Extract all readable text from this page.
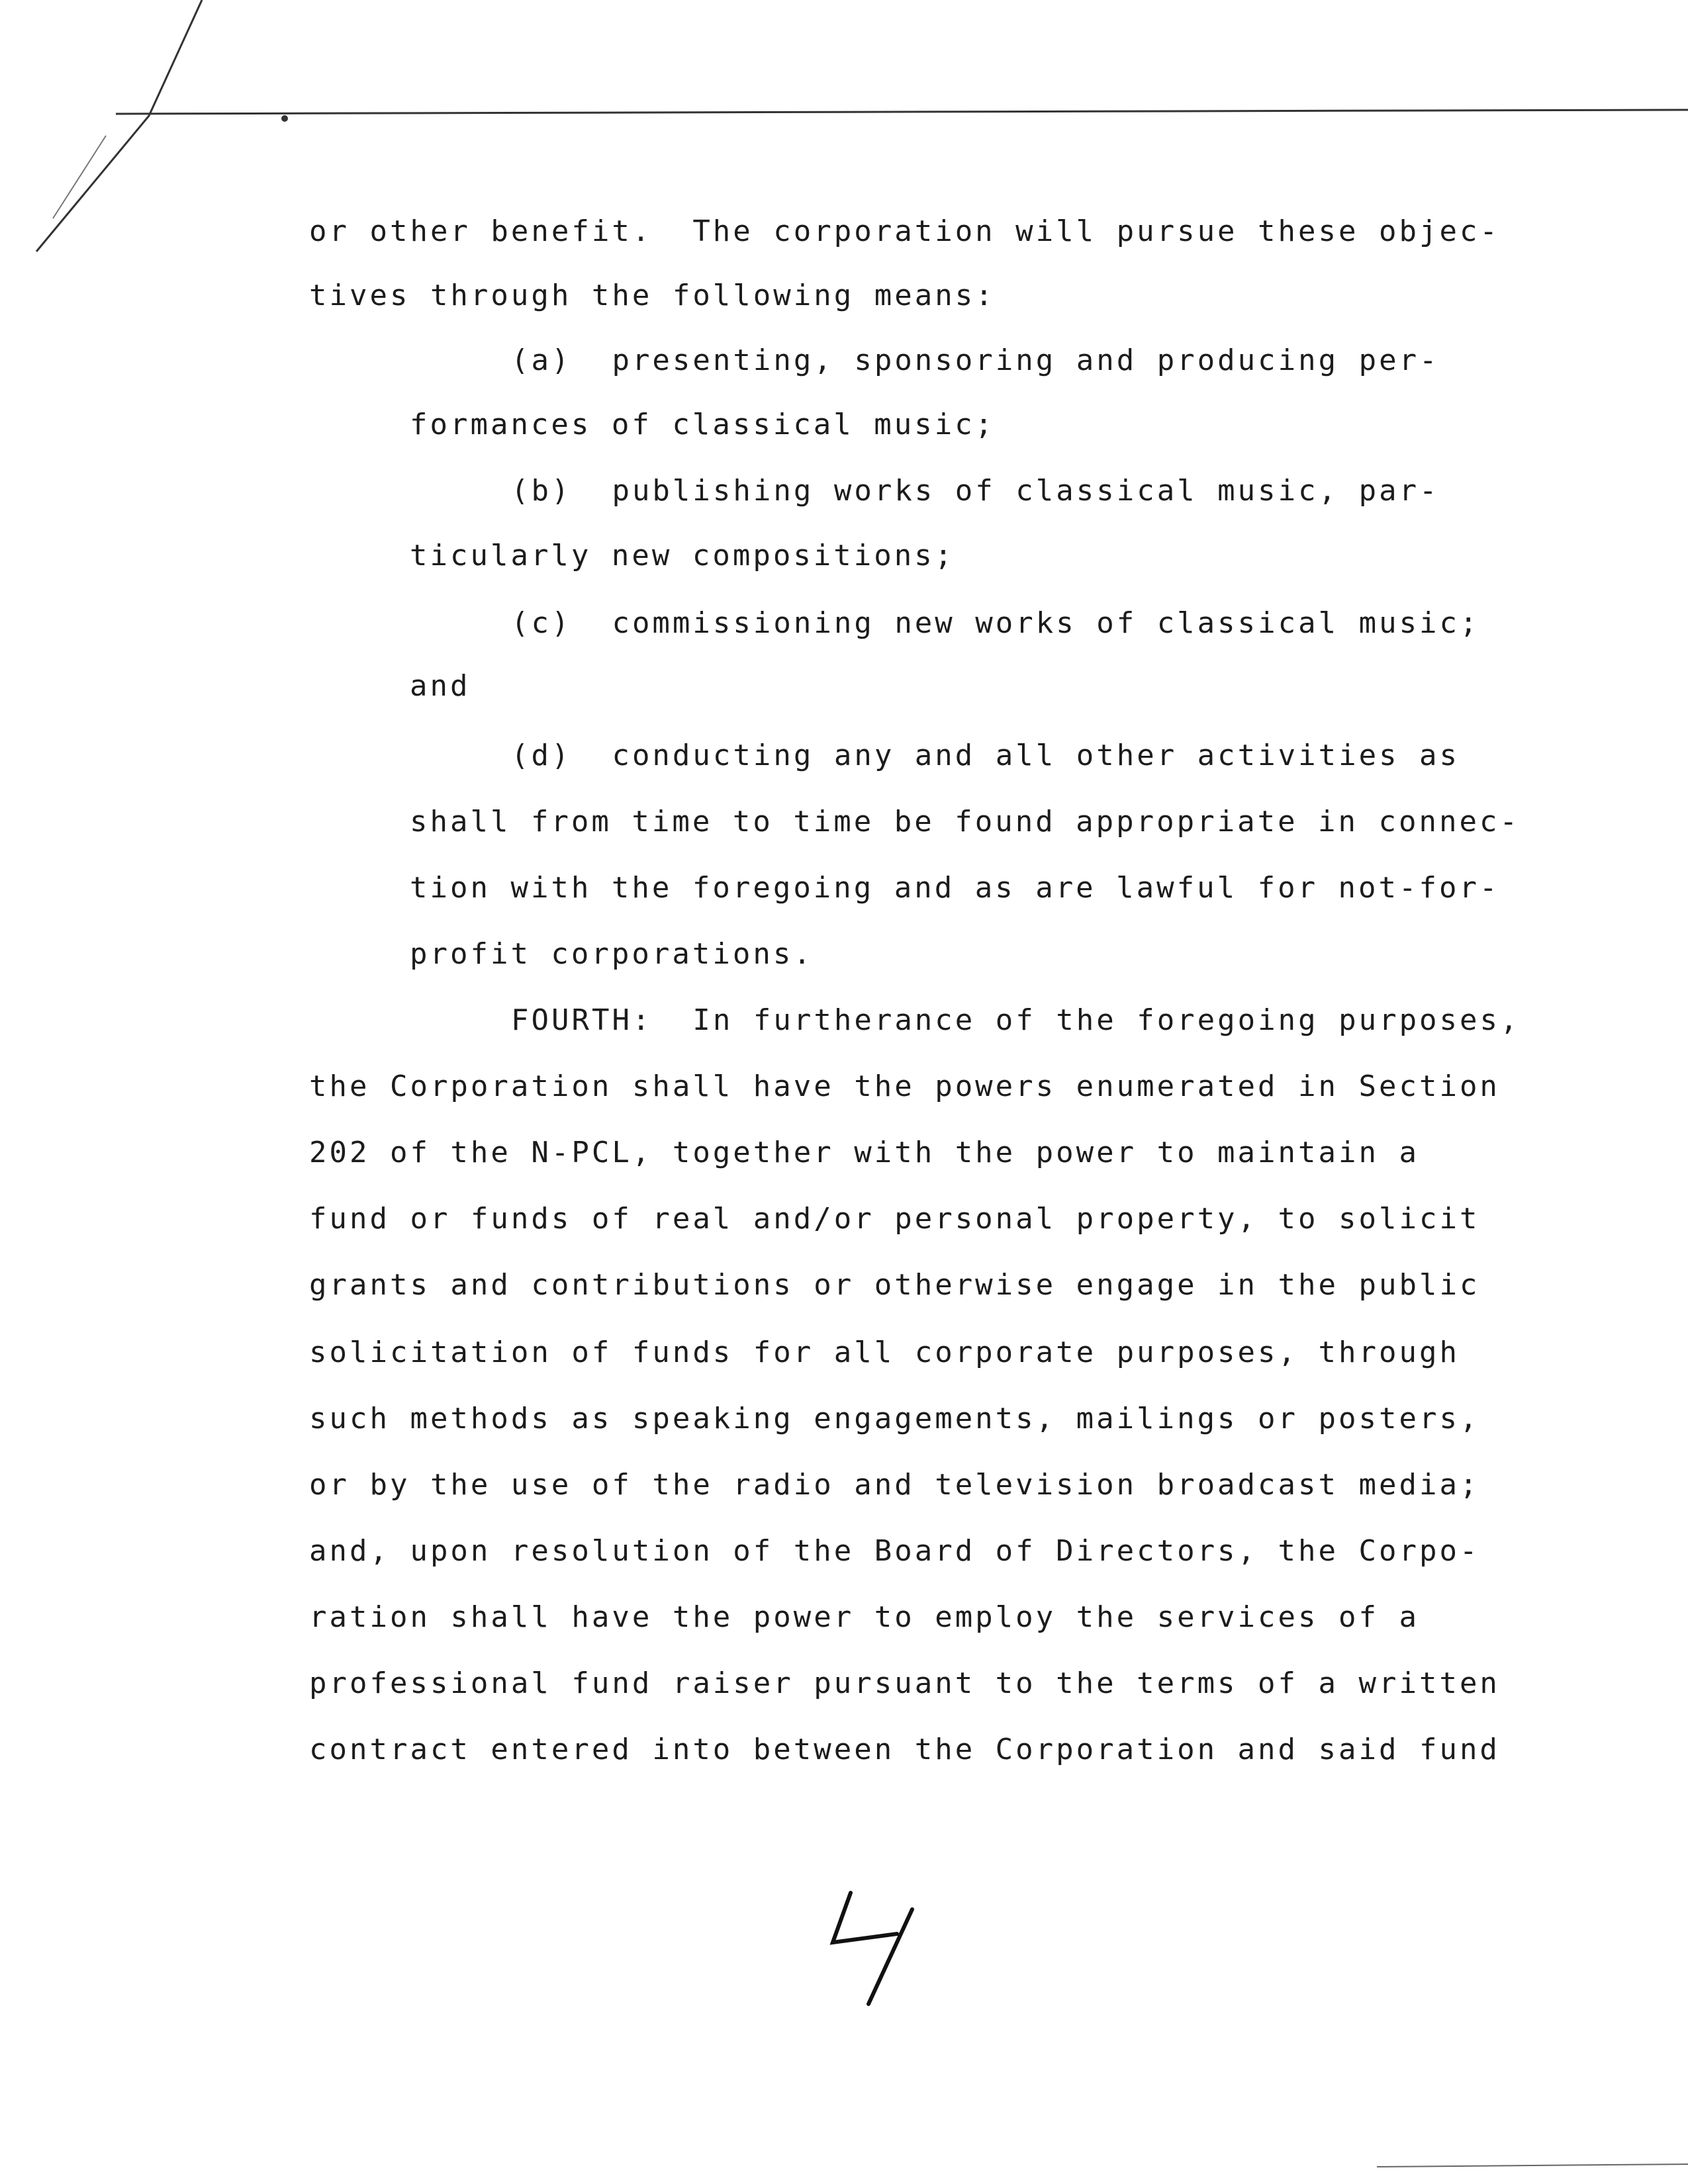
or other benefit.  The corporation will pursue these objec-
tives through the following means:
(a)  presenting, sponsoring and producing per-
formances of classical music;
(b)  publishing works of classical music, par-
ticularly new compositions;
(c)  commissioning new works of classical music;
and
(d)  conducting any and all other activities as
shall from time to time be found appropriate in connec-
tion with the foregoing and as are lawful for not-for-
profit corporations.
FOURTH:  In furtherance of the foregoing purposes,
the Corporation shall have the powers enumerated in Section
202 of the N-PCL, together with the power to maintain a
fund or funds of real and/or personal property, to solicit
grants and contributions or otherwise engage in the public
solicitation of funds for all corporate purposes, through
such methods as speaking engagements, mailings or posters,
or by the use of the radio and television broadcast media;
and, upon resolution of the Board of Directors, the Corpo-
ration shall have the power to employ the services of a
professional fund raiser pursuant to the terms of a written
contract entered into between the Corporation and said fund
